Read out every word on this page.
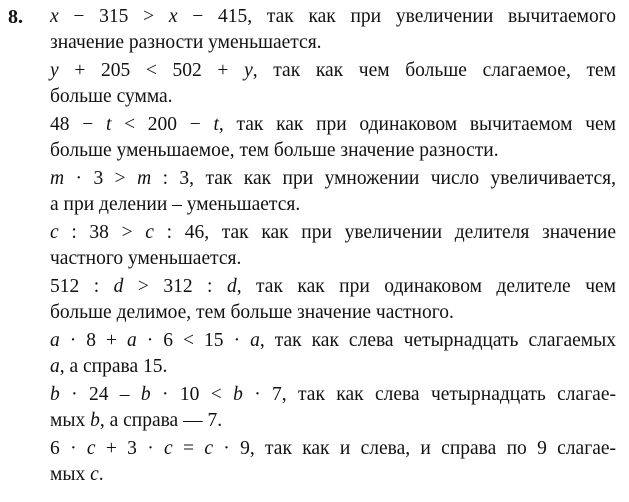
8. x − 315 > x − 415, так как при увеличении вычитаемого
значение разности уменьшается.

y + 205 < 502 + y, так как чем больше слагаемое, тем
больше сумма.

48 − t < 200 − t, так как при одинаковом вычитаемом чем
больше уменьшаемое, тем больше значение разности.

m · 3 > m : 3, так как при умножении число увеличивается,
а при делении – уменьшается.

c : 38 > c : 46, так как при увеличении делителя значение
частного уменьшается.

512 : d > 312 : d, так как при одинаковом делителе чем
больше делимое, тем больше значение частного.

a · 8 + a · 6 < 15 · a, так как слева четырнадцать слагаемых
a, а справа 15.

b · 24 – b · 10 < b · 7, так как слева четырнадцать слагае-
мых b, а справа — 7.

6 · c + 3 · c = c · 9, так как и слева, и справа по 9 слагае-
мых c.
